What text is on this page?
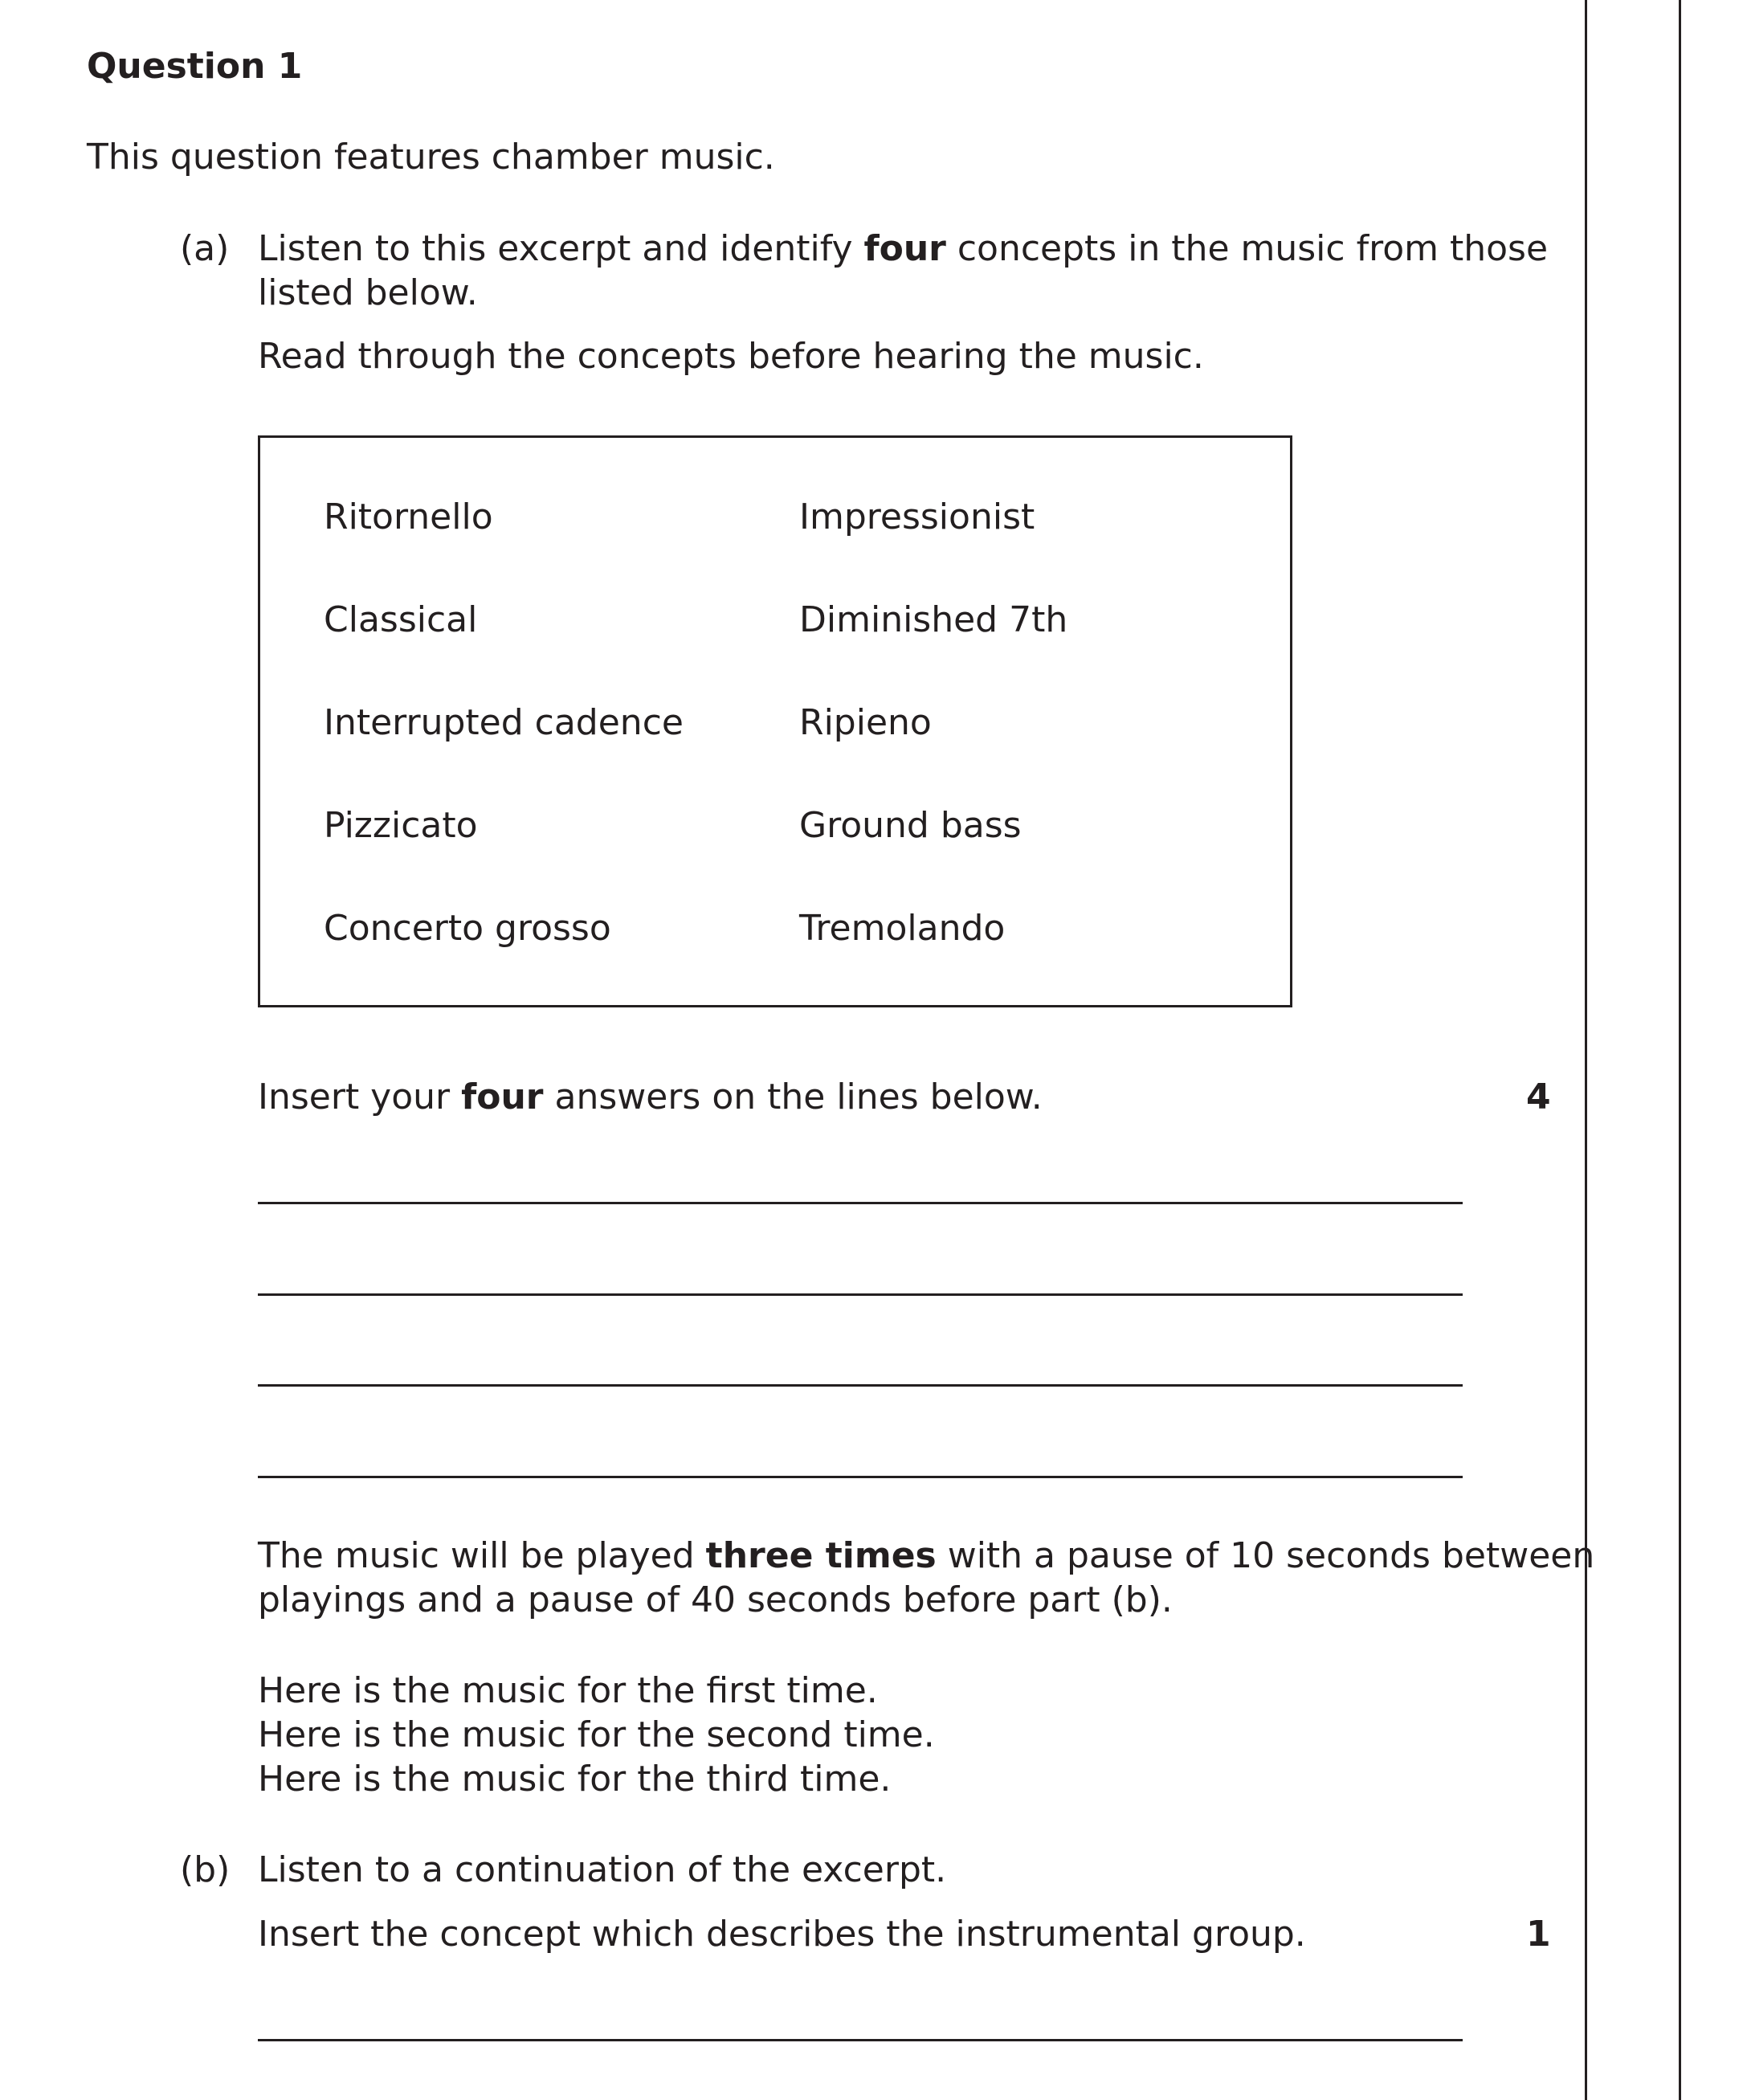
Question 1
This question features chamber music.
(a) Listen to this excerpt and identify four concepts in the music from those
listed below.
Read through the concepts before hearing the music.
Ritornello
Classical
Interrupted cadence
Pizzicato
Concerto grosso
Impressionist
Diminished 7th
Ripieno
Ground bass
Tremolando
Insert your four answers on the lines below.	4
The music will be played three times with a pause of 10 seconds between
playings and a pause of 40 seconds before part (b).
Here is the music for the first time.
Here is the music for the second time.
Here is the music for the third time.
(b) Listen to a continuation of the excerpt.
Insert the concept which describes the instrumental group.	1
